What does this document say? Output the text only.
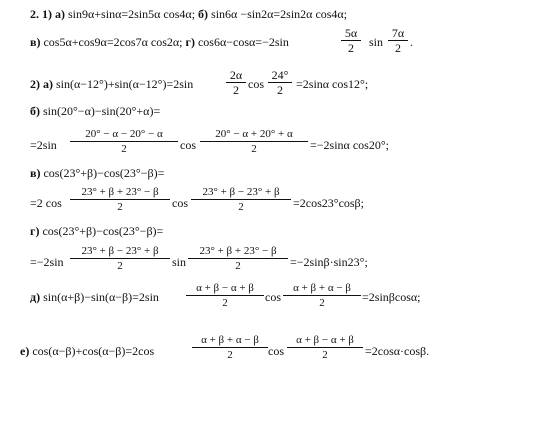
2. 1) а) sin9α+sinα=2sin5α cos4α; б) sin6α −sin2α=2sin2α cos4α;
в) cos5α+cos9α=2cos7α cos2α; г) cos6α−cosα=−2sin
5α
2	sin
7α
2 .
2) а) sin(α−12°)+sin(α−12°)=2sin
2α
2 cos
24°
2	=2sinα cos12°;
б) sin(20°−α)−sin(20°+α)=
=2sin
20° − α − 20° − α
2	cos
20° − α + 20° + α
2	=−2sinα cos20°;
в) cos(23°+β)−cos(23°−β)=
=2 cos
23° + β + 23° − β
2	cos
23° + β − 23° + β
2	=2cos23°cosβ;
г) cos(23°+β)−cos(23°−β)=
=−2sin
23° + β − 23° + β
2	sin
23° + β + 23° − β
2	=−2sinβ·sin23°;
д) sin(α+β)−sin(α−β)=2sin
α + β − α + β
2	cos
α + β + α − β
2	=2sinβcosα;
е) cos(α−β)+cos(α−β)=2cos
α + β + α − β
2	cos
α + β − α + β
2	=2cosα·cosβ.
